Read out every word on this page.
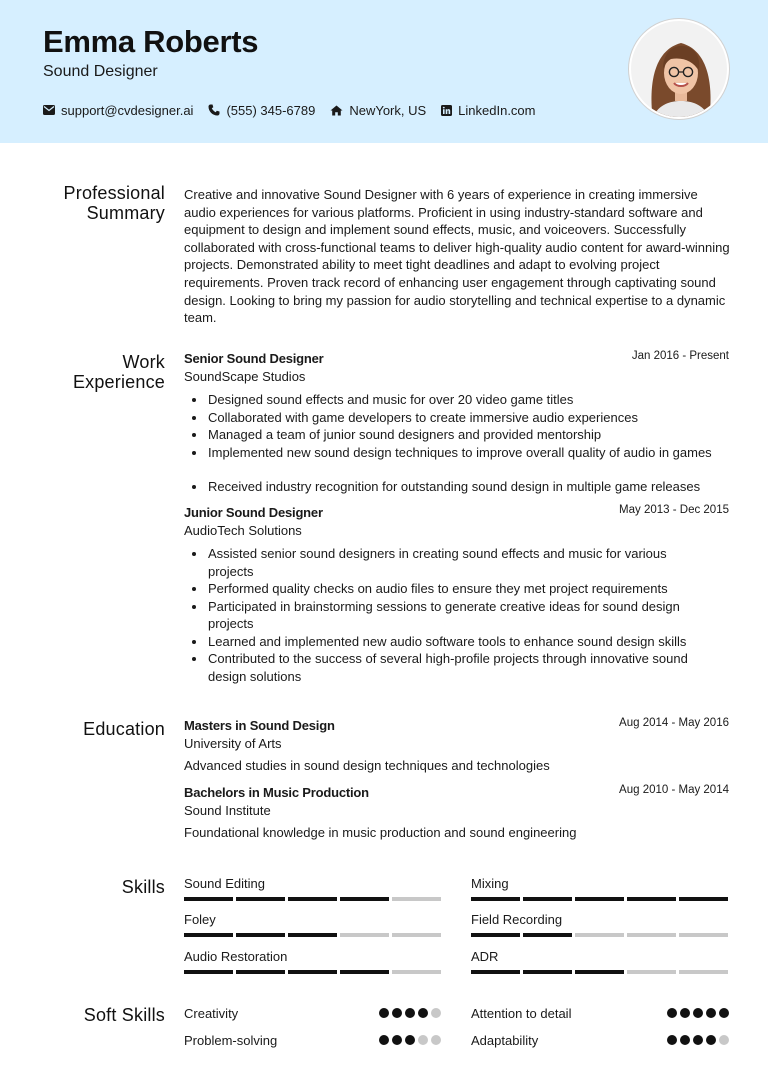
Emma Roberts
Sound Designer
support@cvdesigner.ai	(555) 345-6789	NewYork, US LinkedIn.com
Professional Summary
Creative and innovative Sound Designer with 6 years of experience in creating immersive audio experiences for various platforms. Proficient in using industry-standard software and equipment to design and implement sound effects, music, and voiceovers. Successfully collaborated with cross-functional teams to deliver high-quality audio content for award-winning projects. Demonstrated ability to meet tight deadlines and adapt to evolving project requirements. Proven track record of enhancing user engagement through captivating sound design. Looking to bring my passion for audio storytelling and technical expertise to a dynamic team.
Work Experience
Senior Sound Designer	Jan 2016 - Present
SoundScape Studios
Designed sound effects and music for over 20 video game titles
Collaborated with game developers to create immersive audio experiences
Managed a team of junior sound designers and provided mentorship
Implemented new sound design techniques to improve overall quality of audio in games
Received industry recognition for outstanding sound design in multiple game releases
Junior Sound Designer	May 2013 - Dec 2015
AudioTech Solutions
Assisted senior sound designers in creating sound effects and music for various projects
Performed quality checks on audio files to ensure they met project requirements
Participated in brainstorming sessions to generate creative ideas for sound design projects
Learned and implemented new audio software tools to enhance sound design skills
Contributed to the success of several high-profile projects through innovative sound design solutions
Education Masters in Sound Design	Aug 2014 - May 2016
University of Arts
Advanced studies in sound design techniques and technologies
Bachelors in Music Production	Aug 2010 - May 2014
Sound Institute
Foundational knowledge in music production and sound engineering
Skills Sound Editing	Mixing
Foley	Field Recording
Audio Restoration	ADR
Soft Skills Creativity	Attention to detail
Problem-solving	Adaptability
